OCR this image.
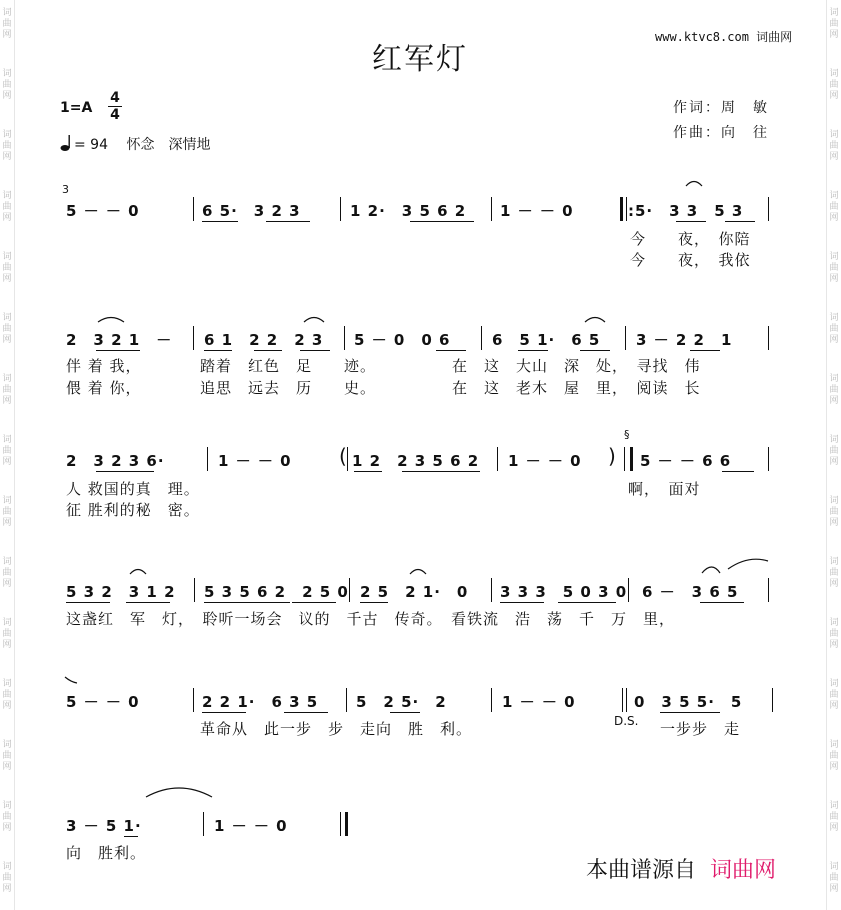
词
曲
网
词
曲
网
词
曲
网
词
曲
网
词
曲
网
词
曲
网
词
曲
网
词
曲
网
词
曲
网
词
曲
网
词
曲
网
词
曲
网
词
曲
网
词
曲
网
词
曲
网
词
曲
网
词
曲
网
词
曲
网
词
曲
网
词
曲
网
词
曲
网
词
曲
网
词
曲
网
词
曲
网
词
曲
网
词
曲
网
词
曲
网
词
曲
网
词
曲
网
词
曲
网
www.ktvc8.com 词曲网
红军灯
1=A
4
4	作词：周　敏
作曲：向　往
= 94 怀念　深情地
3
5 － － 0	6 5·　3 2 3	1 2·　3 5 6 2 1 － － 0	:5·　3 3　5 3
今　　夜，　你陪
今　　夜，　我依
2　3 2 1　－ 6 1　2 2　2 3 5 － 0　0 6	6　5 1·　6 5 3 － 2 2　1
伴 着 我，	踏着　红色　足　　迹。	在　这　大山　深　处，　寻找　伟
偎 着 你，	追思　远去　历　　史。	在　这　老木　屋　里，　阅读　长
2　3 2 3 6·	1 － － 0 ( 1 2　2 3 5 6 2 1 － － 0 )
§
5 － － 6 6
人 救国的真　理。	啊，　面对
征 胜利的秘　密。
5 3 2　3 1 2 5 3 5 6 2　2 5 0 2 5　2 1·　0 3 3 3　5 0 3 0 6 －　3 6 5
这盏红　军　灯，　聆听一场会　议的　千古　传奇。　看铁流　浩　荡　千　万　里，
5 － － 0	2 2 1·　6 3 5	5　2 5·　2	1 － － 0	0　3 5 5·　5
革命从　此一步　步　走向　胜　利。	D.S. 一步步　走
3 － 5 1·	1 － － 0
向　胜利。
本曲谱源自 词曲网
